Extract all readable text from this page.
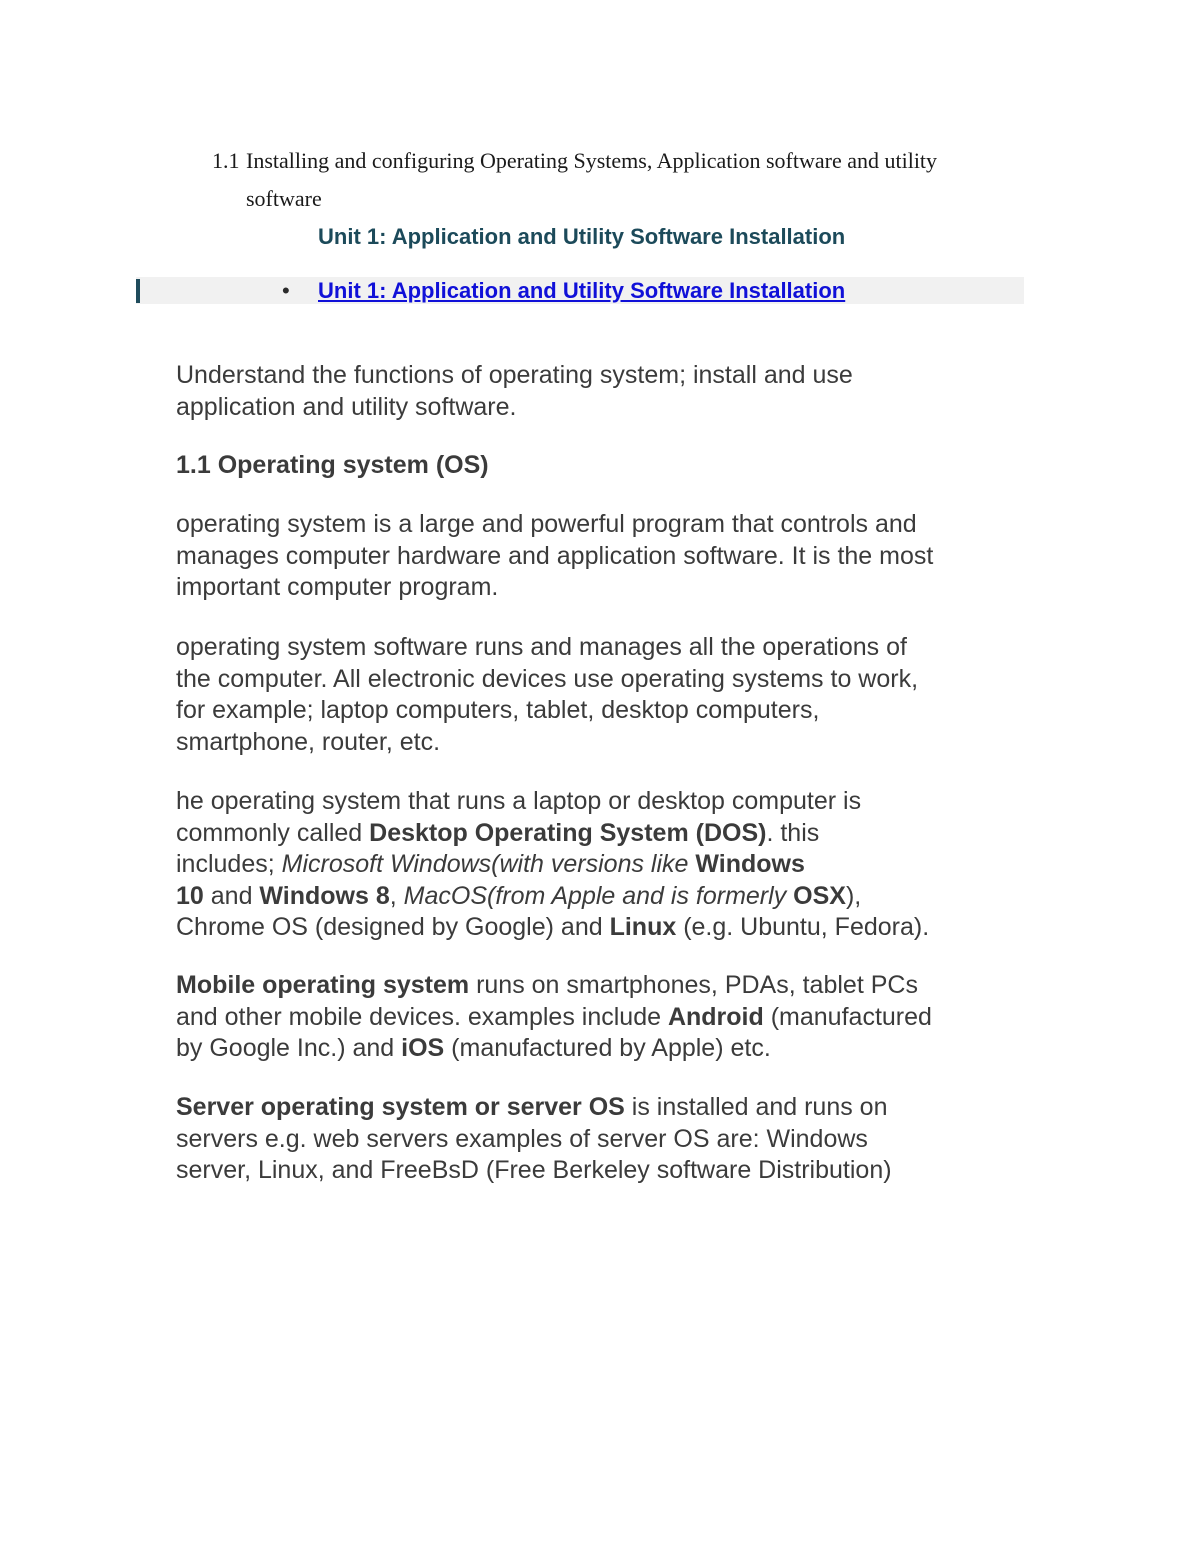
1.1 Installing and configuring Operating Systems, Application software and utility
software
Unit 1: Application and Utility Software Installation
• Unit 1: Application and Utility Software Installation
Understand the functions of operating system; install and use
application and utility software.
1.1 Operating system (OS)
operating system is a large and powerful program that controls and
manages computer hardware and application software. It is the most
important computer program.
operating system software runs and manages all the operations of
the computer. All electronic devices use operating systems to work,
for example; laptop computers, tablet, desktop computers,
smartphone, router, etc.
he operating system that runs a laptop or desktop computer is
commonly called Desktop Operating System (DOS). this
includes; Microsoft Windows(with versions like Windows
10 and Windows 8, MacOS(from Apple and is formerly OSX),
Chrome OS (designed by Google) and Linux (e.g. Ubuntu, Fedora).
Mobile operating system runs on smartphones, PDAs, tablet PCs
and other mobile devices. examples include Android (manufactured
by Google Inc.) and iOS (manufactured by Apple) etc.
Server operating system or server OS is installed and runs on
servers e.g. web servers examples of server OS are: Windows
server, Linux, and FreeBsD (Free Berkeley software Distribution)
